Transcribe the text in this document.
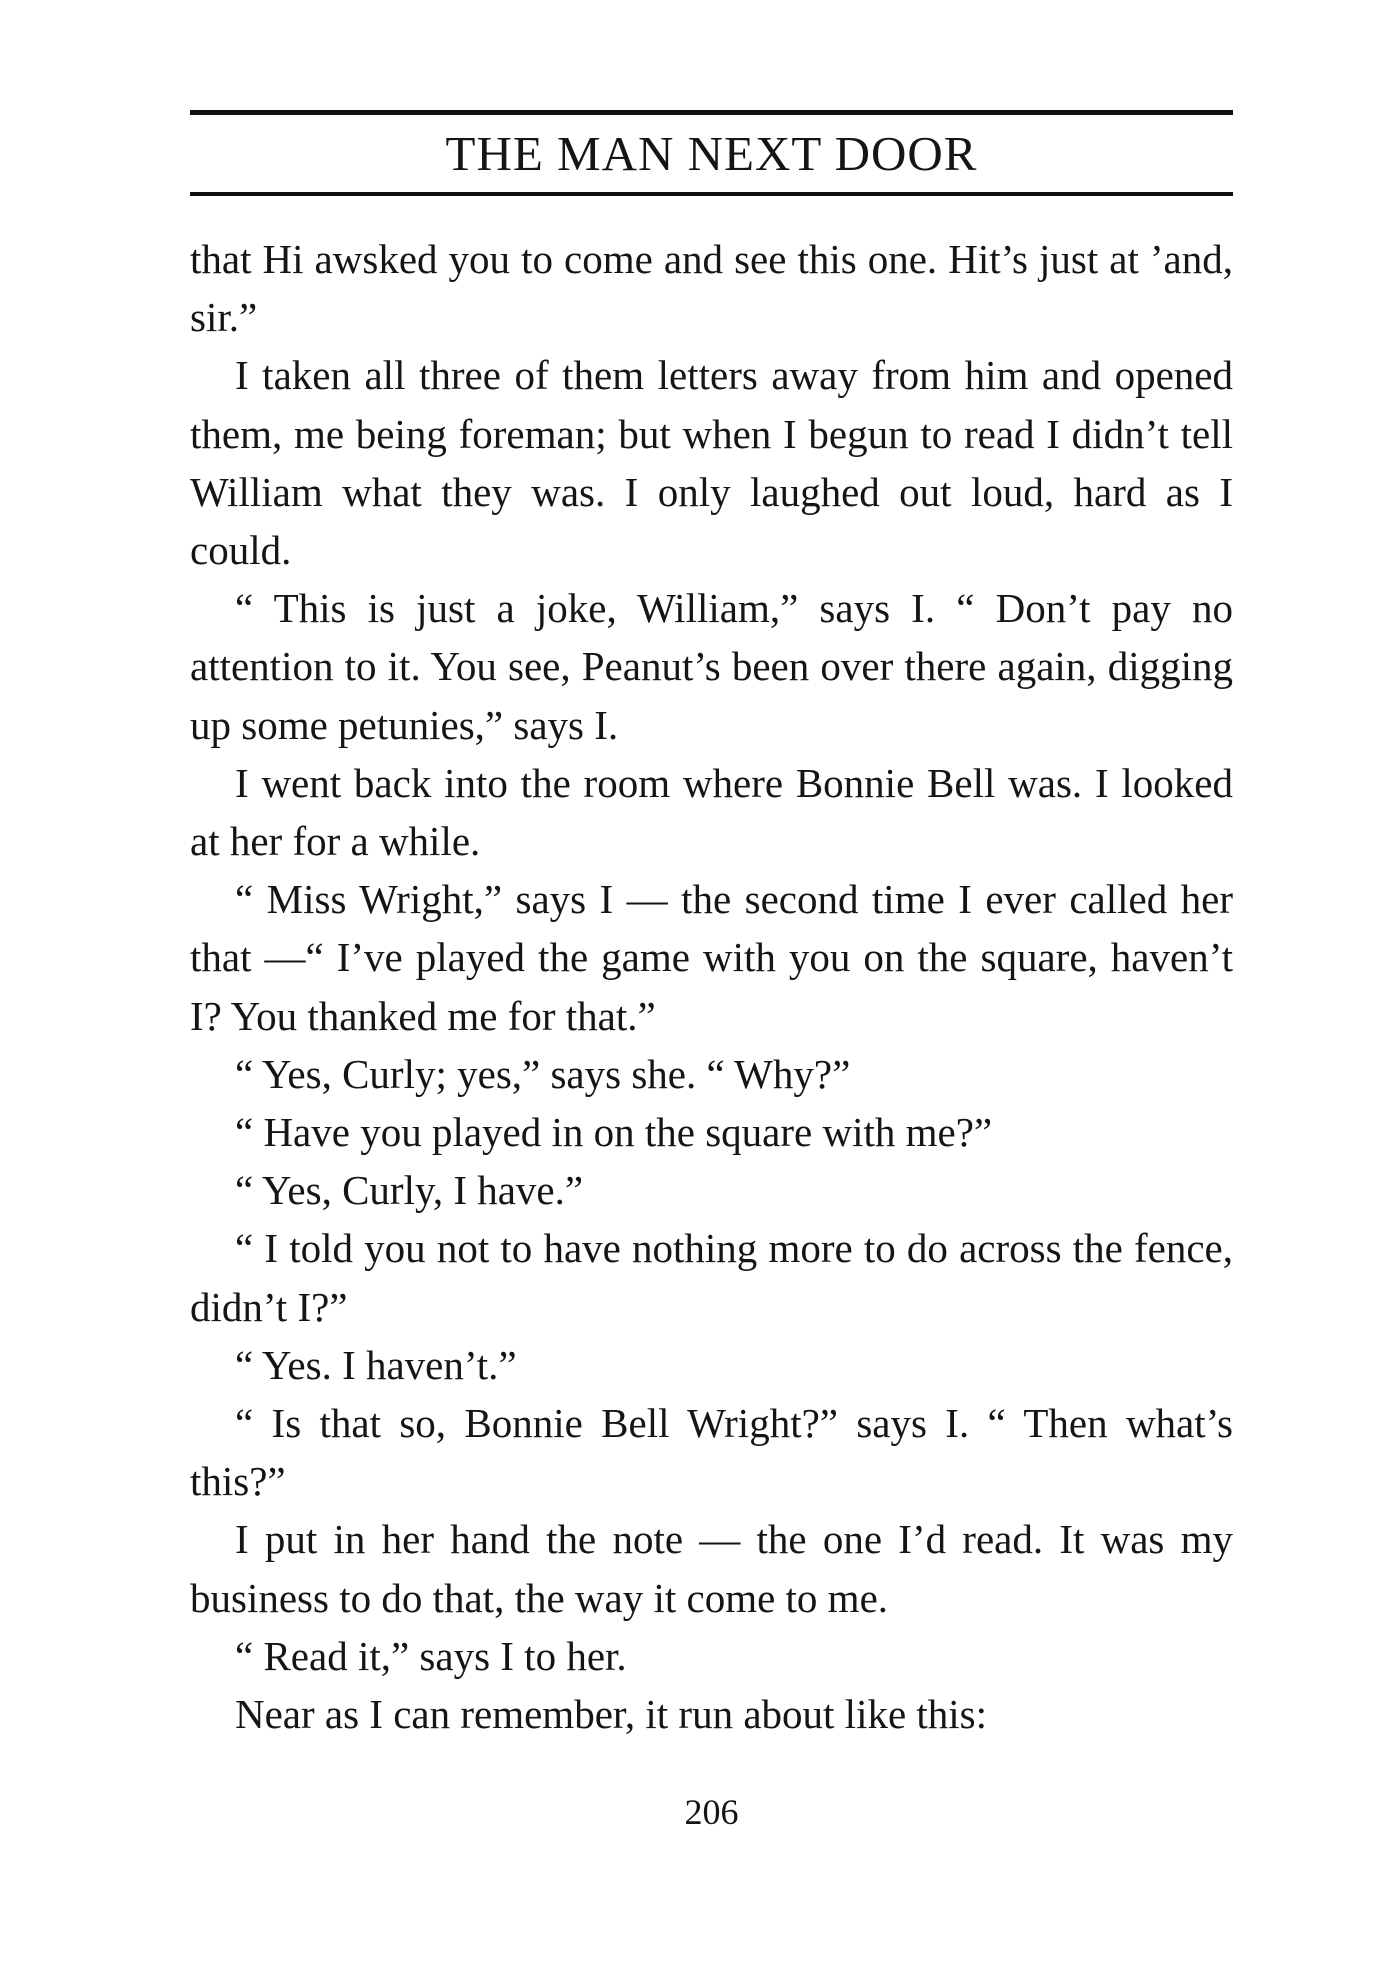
THE MAN NEXT DOOR

that Hi awsked you to come and see this one. Hit’s just at ’and, sir.”

I taken all three of them letters away from him and opened them, me being foreman; but when I begun to read I didn’t tell William what they was. I only laughed out loud, hard as I could.

“ This is just a joke, William,” says I. “ Don’t pay no attention to it. You see, Peanut’s been over there again, digging up some petunies,” says I.

I went back into the room where Bonnie Bell was. I looked at her for a while.

“ Miss Wright,” says I — the second time I ever called her that —“ I’ve played the game with you on the square, haven’t I? You thanked me for that.”

“ Yes, Curly; yes,” says she. “ Why?”

“ Have you played in on the square with me?”

“ Yes, Curly, I have.”

“ I told you not to have nothing more to do across the fence, didn’t I?”

“ Yes. I haven’t.”

“ Is that so, Bonnie Bell Wright?” says I. “ Then what’s this?”

I put in her hand the note — the one I’d read. It was my business to do that, the way it come to me.

“ Read it,” says I to her.

Near as I can remember, it run about like this:

206
